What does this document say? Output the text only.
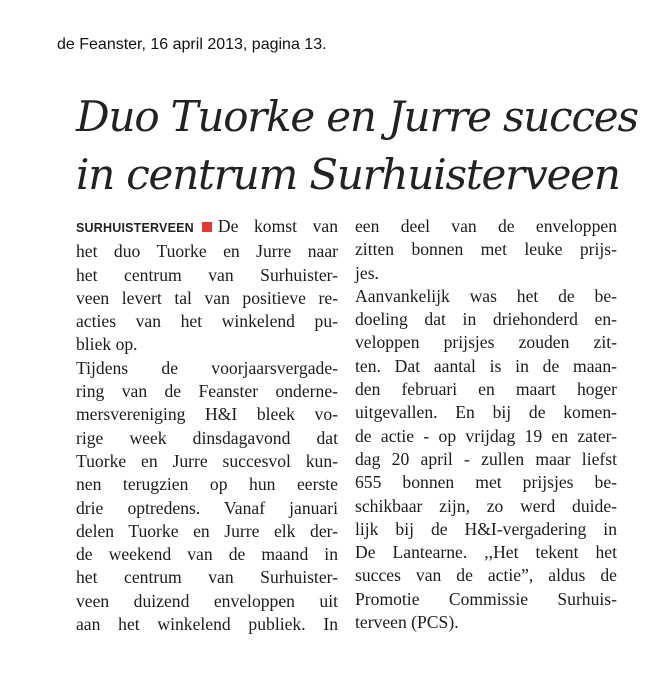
de Feanster, 16 april 2013, pagina 13.
Duo Tuorke en Jurre succes
in centrum Surhuisterveen
SURHUISTERVEEN De komst van
het duo Tuorke en Jurre naar
het centrum van Surhuister-
veen levert tal van positieve re-
acties van het winkelend pu-
bliek op.
Tijdens de voorjaarsvergade-
ring van de Feanster onderne-
mersvereniging H&I bleek vo-
rige week dinsdagavond dat
Tuorke en Jurre succesvol kun-
nen terugzien op hun eerste
drie optredens. Vanaf januari
delen Tuorke en Jurre elk der-
de weekend van de maand in
het centrum van Surhuister-
veen duizend enveloppen uit
aan het winkelend publiek. In
een deel van de enveloppen
zitten bonnen met leuke prijs-
jes.
Aanvankelijk was het de be-
doeling dat in driehonderd en-
veloppen prijsjes zouden zit-
ten. Dat aantal is in de maan-
den februari en maart hoger
uitgevallen. En bij de komen-
de actie - op vrijdag 19 en zater-
dag 20 april - zullen maar liefst
655 bonnen met prijsjes be-
schikbaar zijn, zo werd duide-
lijk bij de H&I-vergadering in
De Lantearne. ,,Het tekent het
succes van de actie”, aldus de
Promotie Commissie Surhuis-
terveen (PCS).
